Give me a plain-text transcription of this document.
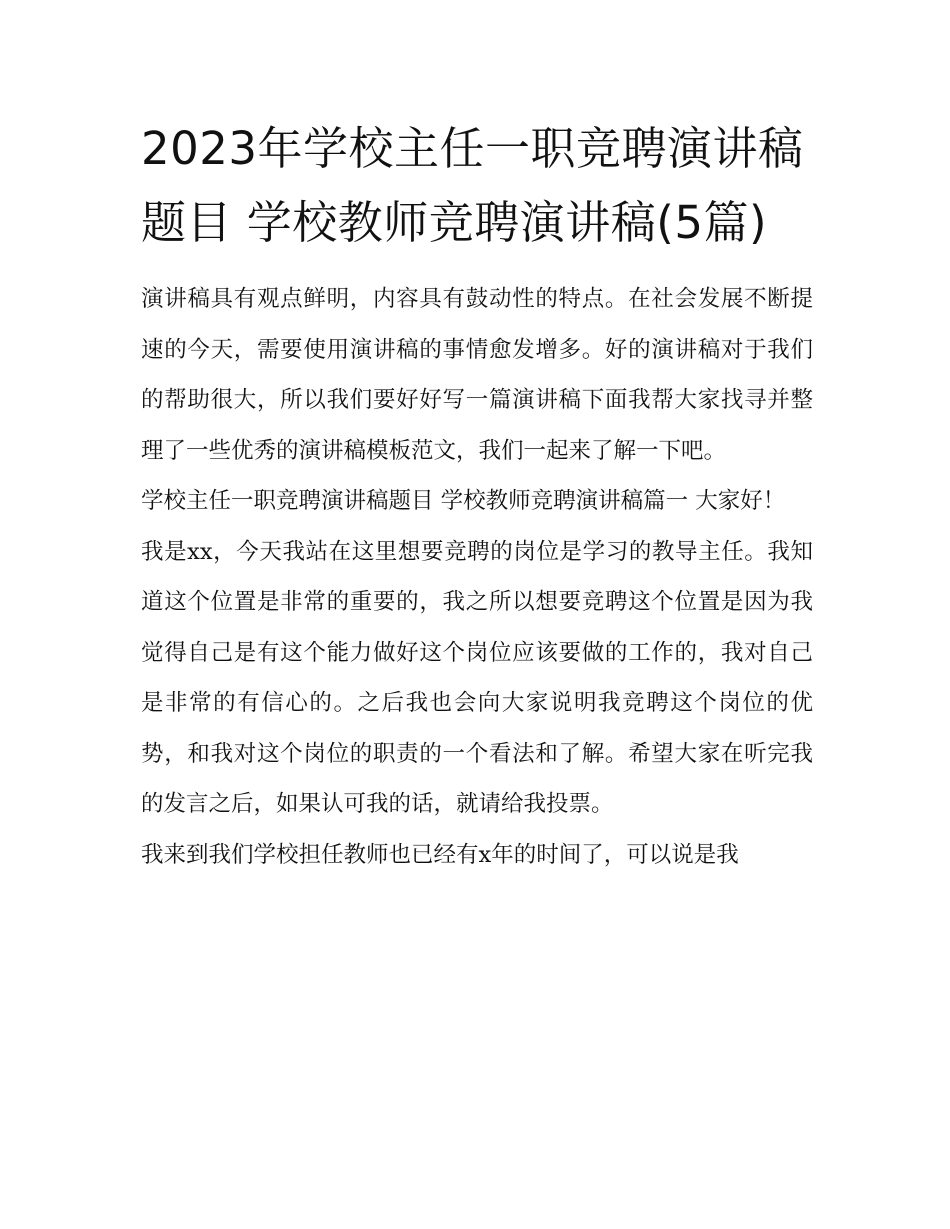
2023年学校主任一职竞聘演讲稿题目 学校教师竞聘演讲稿(5篇)

演讲稿具有观点鲜明，内容具有鼓动性的特点。在社会发展不断提速的今天，需要使用演讲稿的事情愈发增多。好的演讲稿对于我们的帮助很大，所以我们要好好写一篇演讲稿下面我帮大家找寻并整理了一些优秀的演讲稿模板范文，我们一起来了解一下吧。

学校主任一职竞聘演讲稿题目 学校教师竞聘演讲稿篇一 大家好！

我是xx，今天我站在这里想要竞聘的岗位是学习的教导主任。我知道这个位置是非常的重要的，我之所以想要竞聘这个位置是因为我觉得自己是有这个能力做好这个岗位应该要做的工作的，我对自己是非常的有信心的。之后我也会向大家说明我竞聘这个岗位的优势，和我对这个岗位的职责的一个看法和了解。希望大家在听完我的发言之后，如果认可我的话，就请给我投票。

我来到我们学校担任教师也已经有x年的时间了，可以说是我
